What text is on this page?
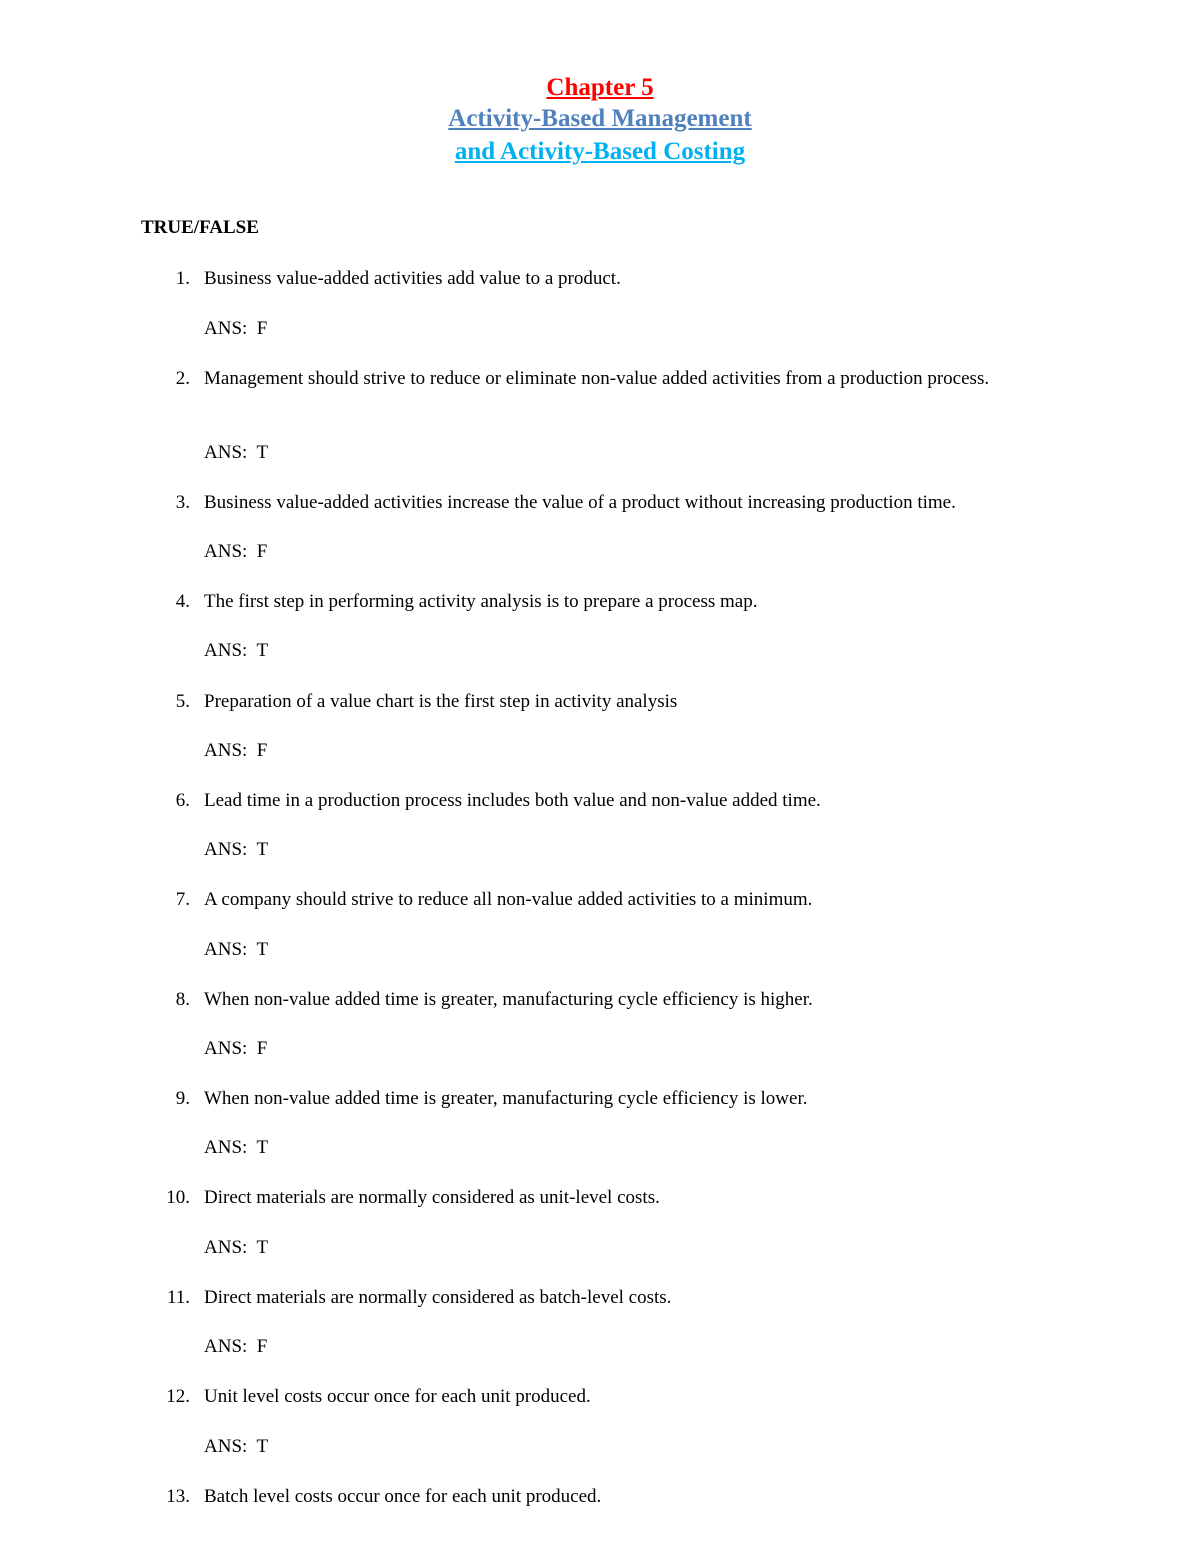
Chapter 5
Activity-Based Management
and Activity-Based Costing
TRUE/FALSE
1. Business value-added activities add value to a product.
ANS:  F
2. Management should strive to reduce or eliminate non-value added activities from a production process.
ANS:  T
3. Business value-added activities increase the value of a product without increasing production time.
ANS:  F
4. The first step in performing activity analysis is to prepare a process map.
ANS:  T
5. Preparation of a value chart is the first step in activity analysis
ANS:  F
6. Lead time in a production process includes both value and non-value added time.
ANS:  T
7. A company should strive to reduce all non-value added activities to a minimum.
ANS:  T
8. When non-value added time is greater, manufacturing cycle efficiency is higher.
ANS:  F
9. When non-value added time is greater, manufacturing cycle efficiency is lower.
ANS:  T
10. Direct materials are normally considered as unit-level costs.
ANS:  T
11. Direct materials are normally considered as batch-level costs.
ANS:  F
12. Unit level costs occur once for each unit produced.
ANS:  T
13. Batch level costs occur once for each unit produced.
